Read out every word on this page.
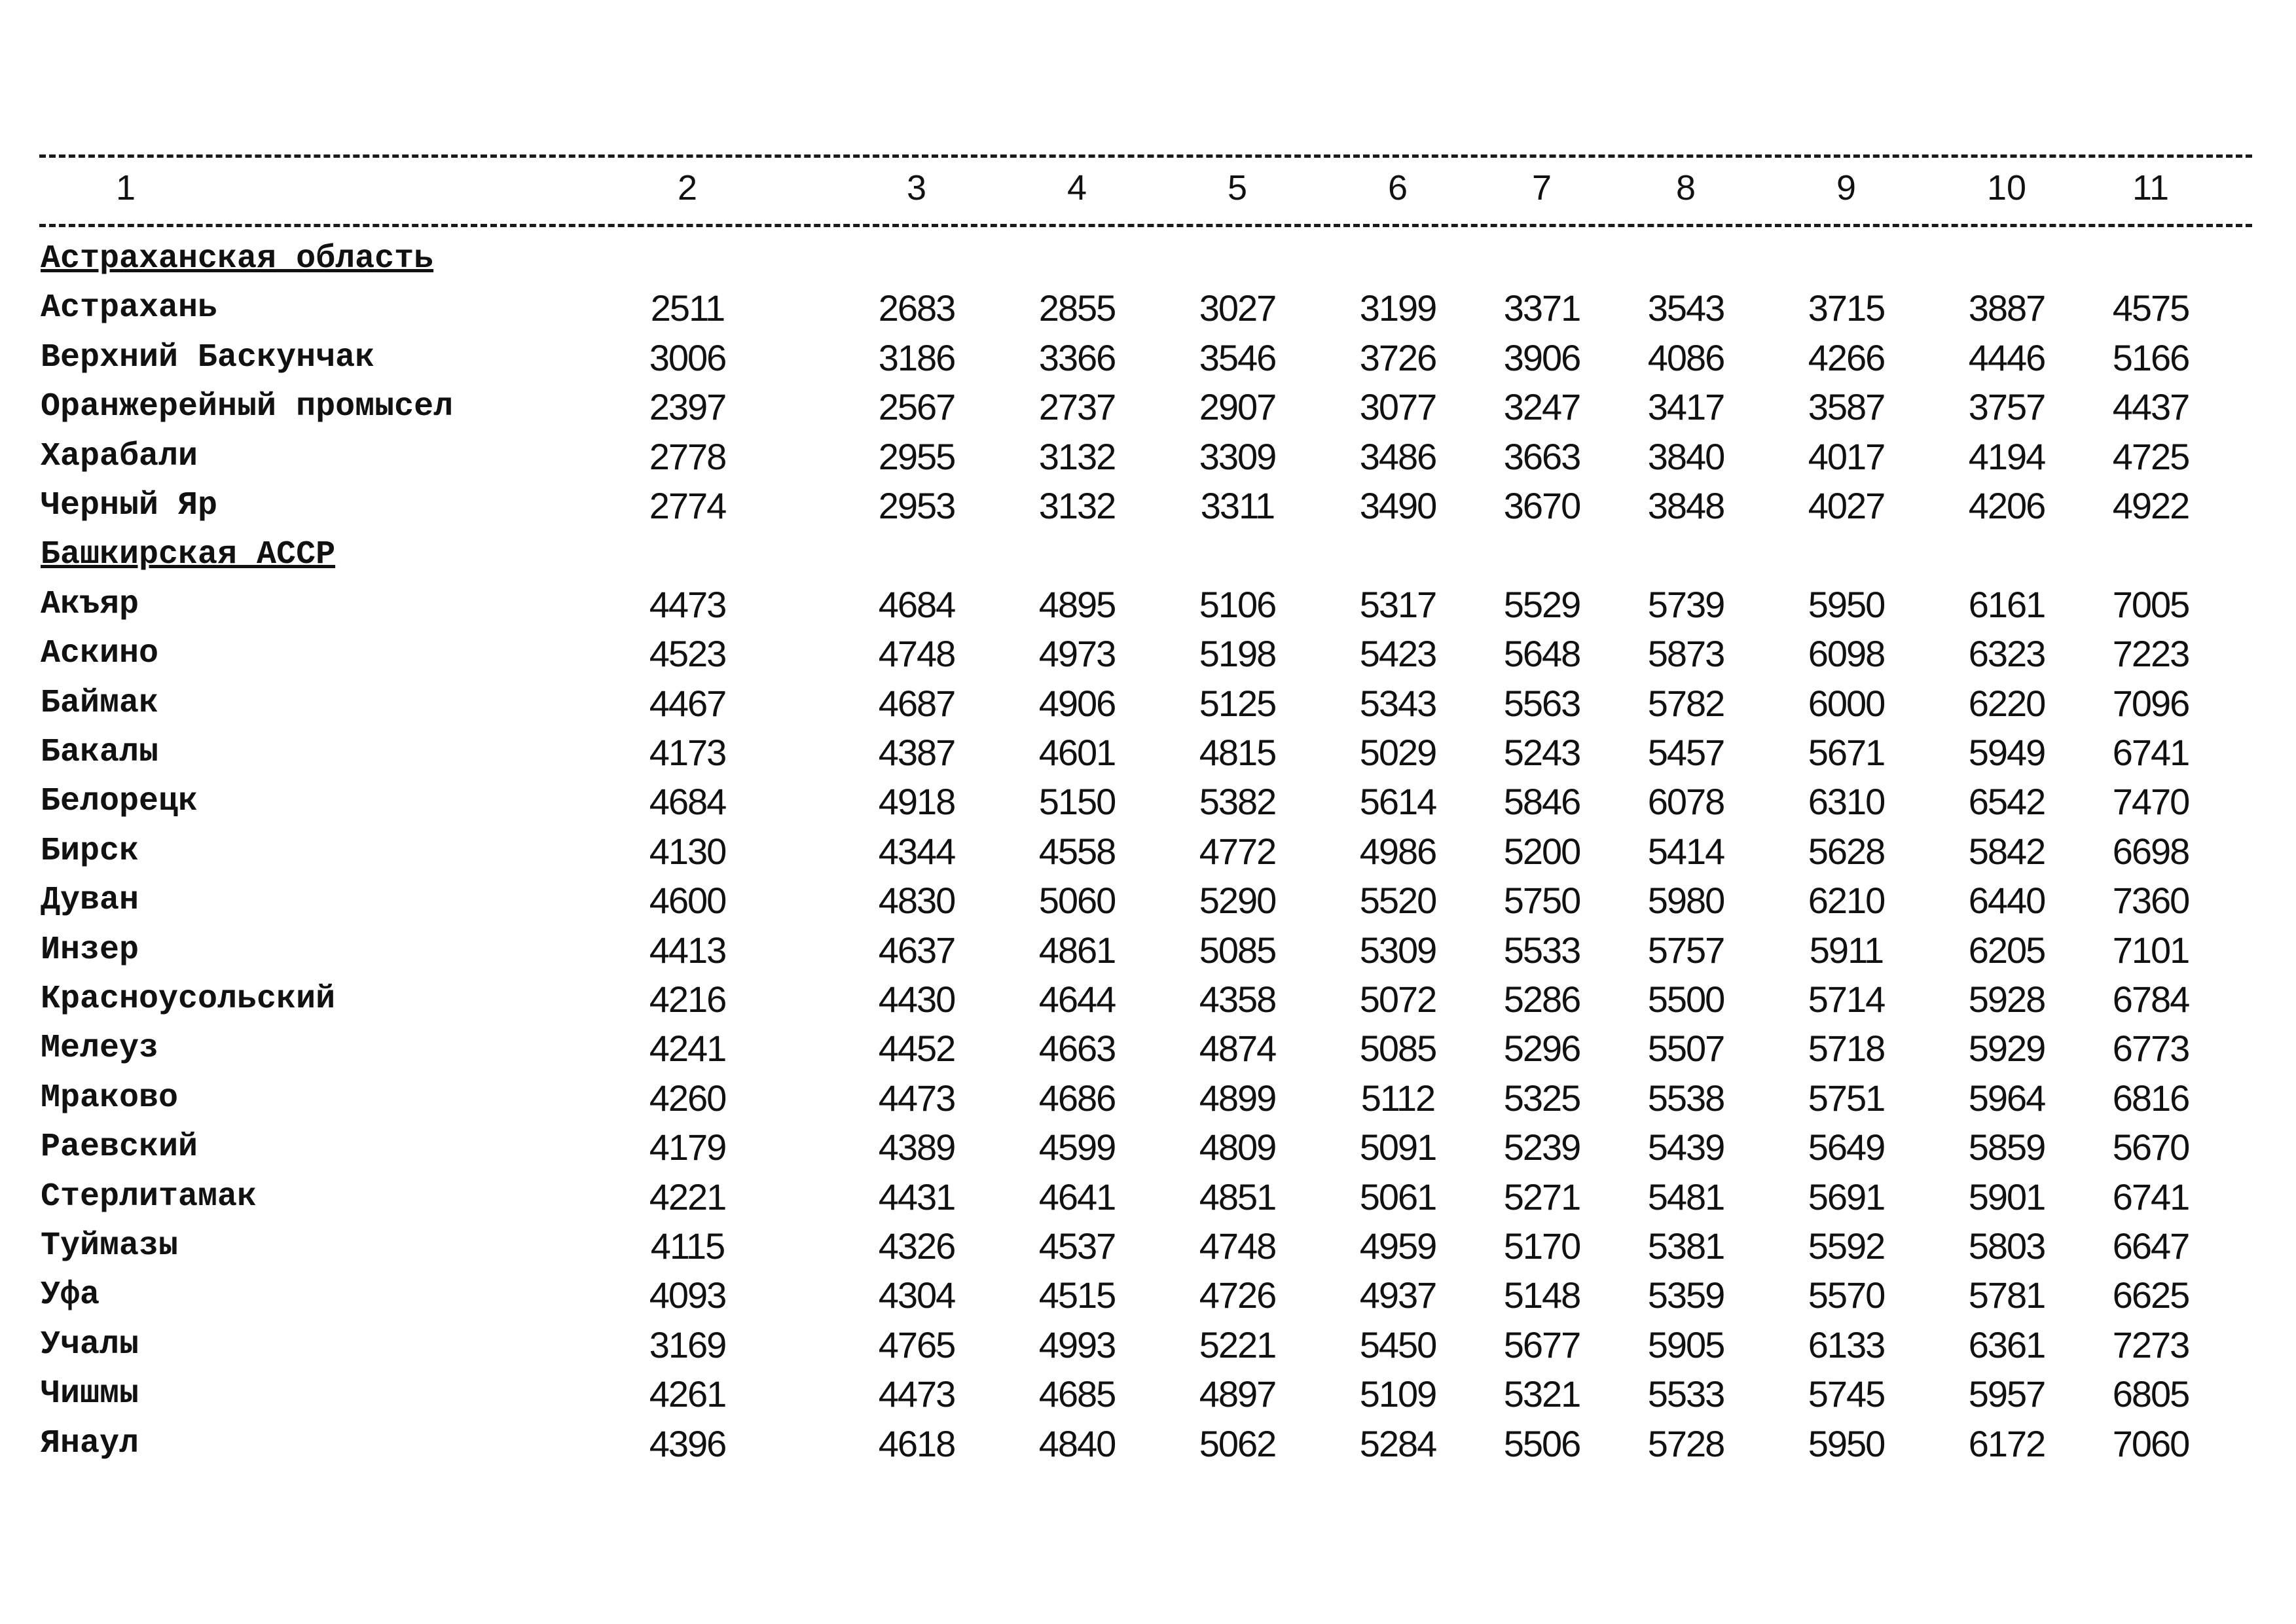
1	2	3	4	5	6	7	8	9	10	11
Астраханская область
Астрахань	2511	2683	2855	3027	3199	3371	3543	3715	3887	4575
Верхний Баскунчак	3006	3186	3366	3546	3726	3906	4086	4266	4446	5166
Оранжерейный промысел	2397	2567	2737	2907	3077	3247	3417	3587	3757	4437
Харабали	2778	2955	3132	3309	3486	3663	3840	4017	4194	4725
Черный Яр	2774	2953	3132	3311	3490	3670	3848	4027	4206	4922
Башкирская АССР
Акъяр	4473	4684	4895	5106	5317	5529	5739	5950	6161	7005
Аскино	4523	4748	4973	5198	5423	5648	5873	6098	6323	7223
Баймак	4467	4687	4906	5125	5343	5563	5782	6000	6220	7096
Бакалы	4173	4387	4601	4815	5029	5243	5457	5671	5949	6741
Белорецк	4684	4918	5150	5382	5614	5846	6078	6310	6542	7470
Бирск	4130	4344	4558	4772	4986	5200	5414	5628	5842	6698
Дуван	4600	4830	5060	5290	5520	5750	5980	6210	6440	7360
Инзер	4413	4637	4861	5085	5309	5533	5757	5911	6205	7101
Красноусольский	4216	4430	4644	4358	5072	5286	5500	5714	5928	6784
Мелеуз	4241	4452	4663	4874	5085	5296	5507	5718	5929	6773
Мраково	4260	4473	4686	4899	5112	5325	5538	5751	5964	6816
Раевский	4179	4389	4599	4809	5091	5239	5439	5649	5859	5670
Стерлитамак	4221	4431	4641	4851	5061	5271	5481	5691	5901	6741
Туймазы	4115	4326	4537	4748	4959	5170	5381	5592	5803	6647
Уфа	4093	4304	4515	4726	4937	5148	5359	5570	5781	6625
Учалы	3169	4765	4993	5221	5450	5677	5905	6133	6361	7273
Чишмы	4261	4473	4685	4897	5109	5321	5533	5745	5957	6805
Янаул	4396	4618	4840	5062	5284	5506	5728	5950	6172	7060
